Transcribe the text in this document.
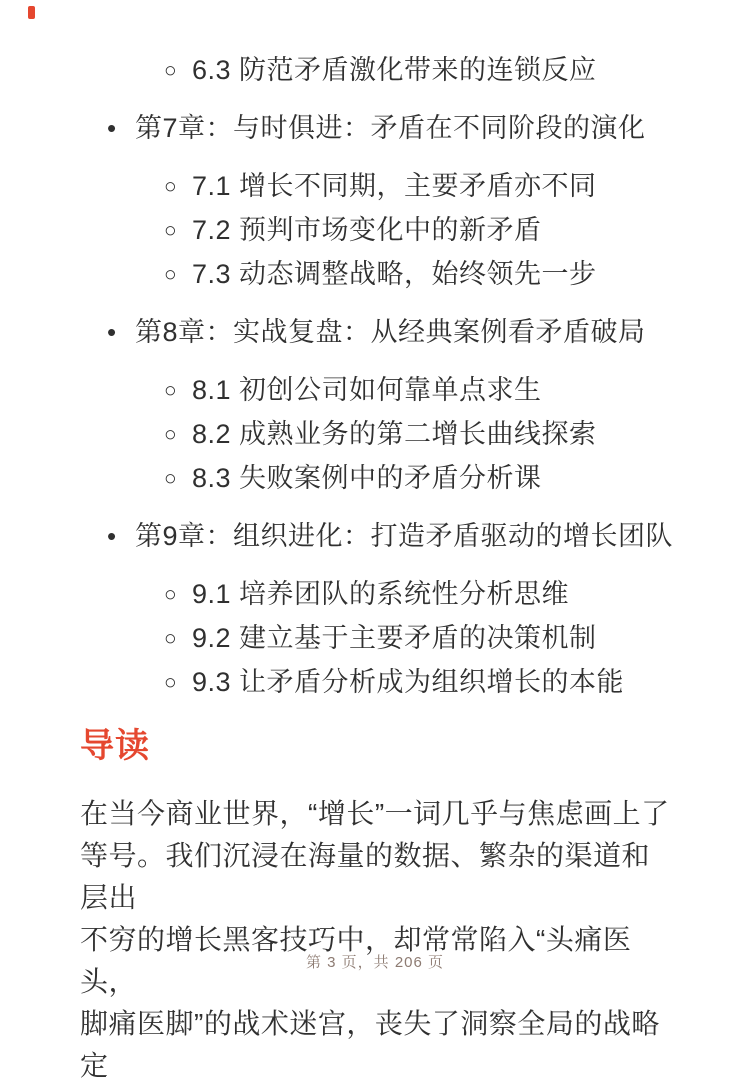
○ 6.3 防范矛盾激化带来的连锁反应
• 第7章：与时俱进：矛盾在不同阶段的演化
○ 7.1 增长不同期，主要矛盾亦不同
○ 7.2 预判市场变化中的新矛盾
○ 7.3 动态调整战略，始终领先一步
• 第8章：实战复盘：从经典案例看矛盾破局
○ 8.1 初创公司如何靠单点求生
○ 8.2 成熟业务的第二增长曲线探索
○ 8.3 失败案例中的矛盾分析课
• 第9章：组织进化：打造矛盾驱动的增长团队
○ 9.1 培养团队的系统性分析思维
○ 9.2 建立基于主要矛盾的决策机制
○ 9.3 让矛盾分析成为组织增长的本能
导读
在当今商业世界，“增长”一词几乎与焦虑画上了
等号。我们沉浸在海量的数据、繁杂的渠道和层出
不穷的增长黑客技巧中，却常常陷入“头痛医头，
脚痛医脚”的战术迷宫，丧失了洞察全局的战略定
第 3 页，共 206 页
